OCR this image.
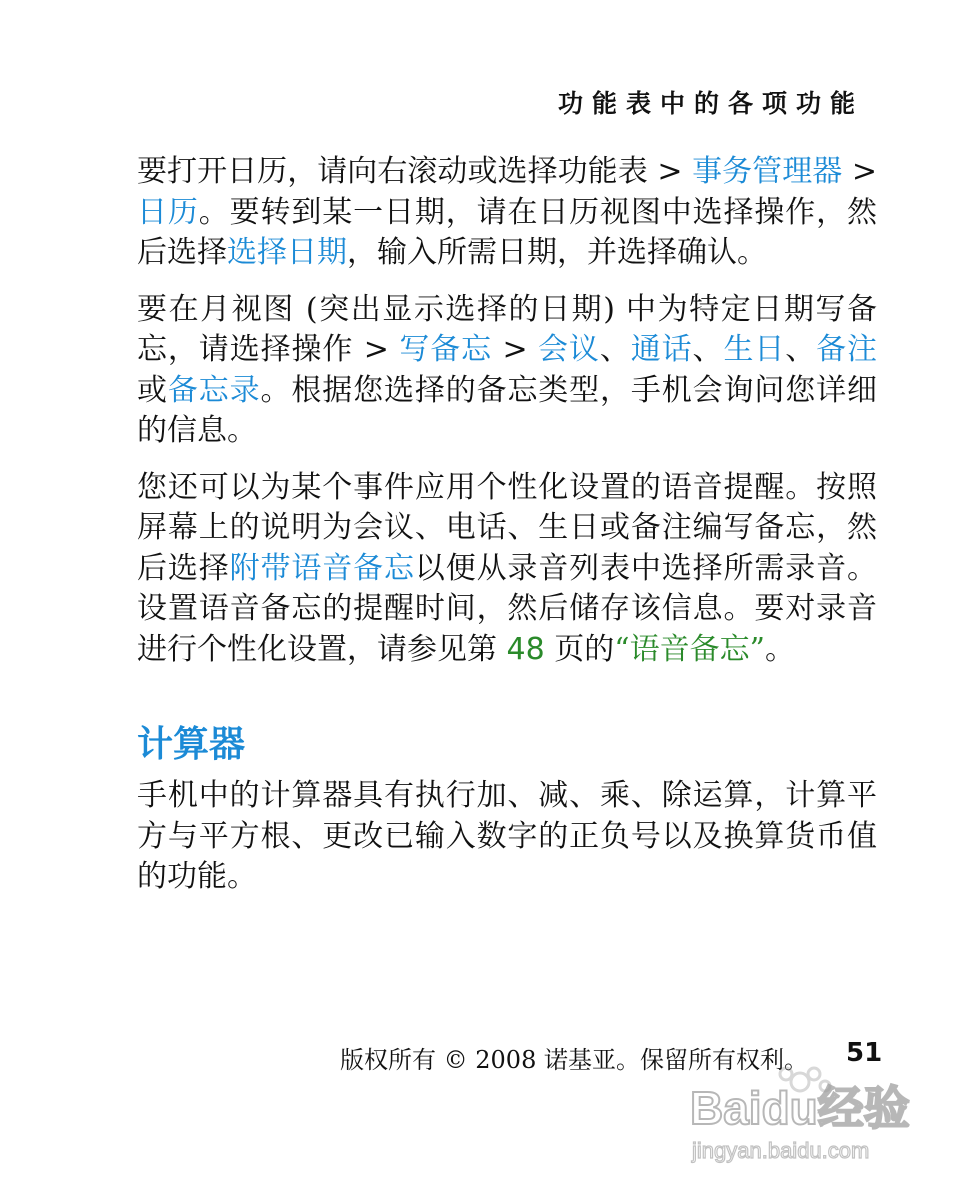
功能表中的各项功能

要打开日历，请向右滚动或选择功能表 > 事务管理器 > 日历。要转到某一日期，请在日历视图中选择操作，然后选择选择日期，输入所需日期，并选择确认。

要在月视图 (突出显示选择的日期) 中为特定日期写备忘，请选择操作 > 写备忘 > 会议、通话、生日、备注或备忘录。根据您选择的备忘类型，手机会询问您详细的信息。

您还可以为某个事件应用个性化设置的语音提醒。按照屏幕上的说明为会议、电话、生日或备注编写备忘，然后选择附带语音备忘以便从录音列表中选择所需录音。设置语音备忘的提醒时间，然后储存该信息。要对录音进行个性化设置，请参见第 48 页的“语音备忘”。

计算器

手机中的计算器具有执行加、减、乘、除运算，计算平方与平方根、更改已输入数字的正负号以及换算货币值的功能。

版权所有 © 2008 诺基亚。保留所有权利。 51
Baidu经验
jingyan.baidu.com
